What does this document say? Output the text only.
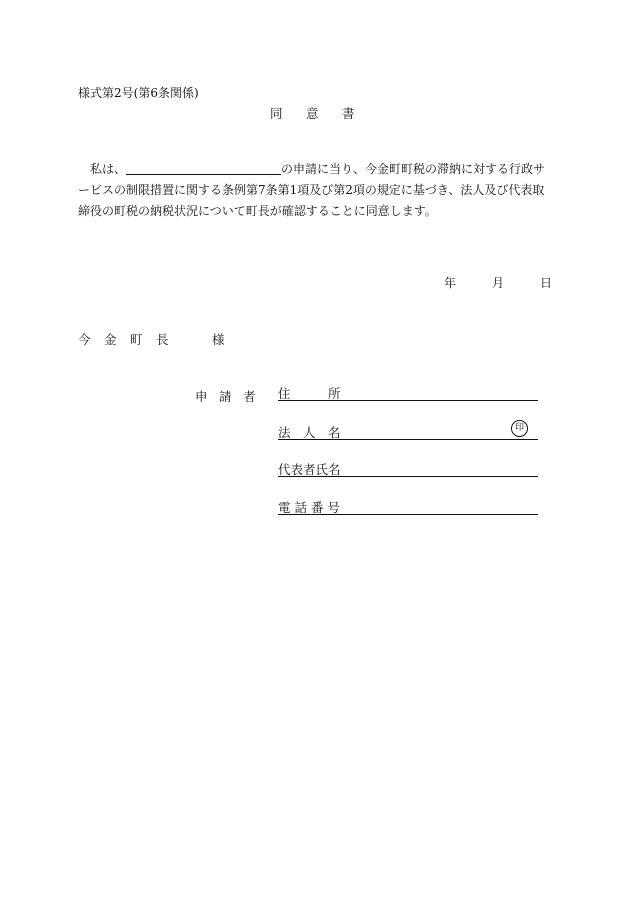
様式第2号(第6条関係)
同 意 書
　私は、	の申請に当り、今金町町税の滞納に対する行政サービスの制限措置に関する条例第7条第1項及び第2項の規定に基づき、法人及び代表取締役の町税の納税状況について町長が確認することに同意します。
年	月	日
今 金 町 長	様
申 請 者	住　　　所
法　人　名	印
代表者氏名
電 話 番 号
